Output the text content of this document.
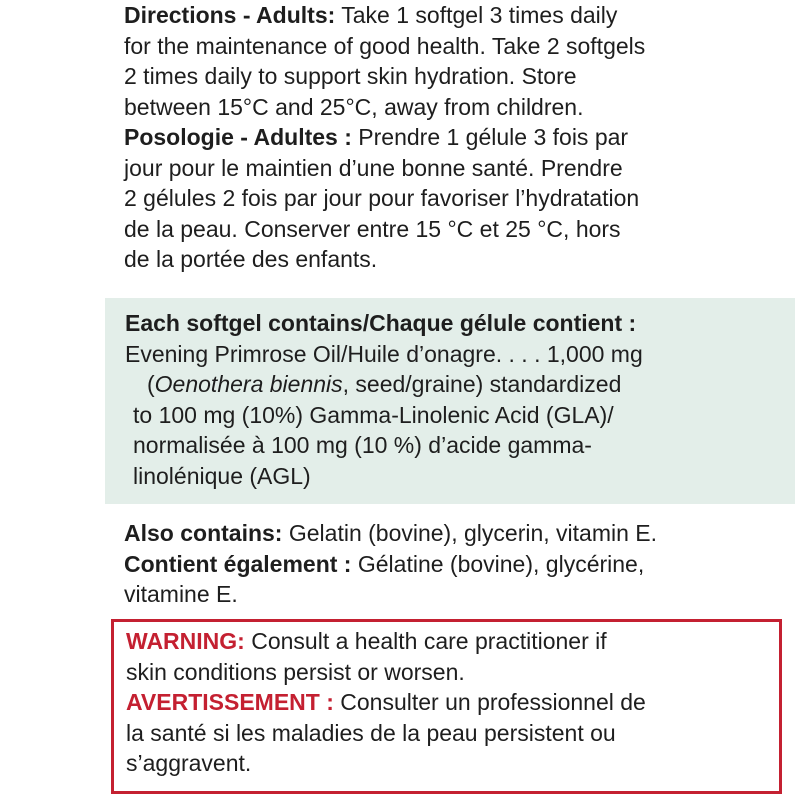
Directions - Adults: Take 1 softgel 3 times daily
for the maintenance of good health. Take 2 softgels
2 times daily to support skin hydration. Store
between 15°C and 25°C, away from children.
Posologie - Adultes : Prendre 1 gélule 3 fois par
jour pour le maintien d’une bonne santé. Prendre
2 gélules 2 fois par jour pour favoriser l’hydratation
de la peau. Conserver entre 15 °C et 25 °C, hors
de la portée des enfants.
Each softgel contains/Chaque gélule contient :
Evening Primrose Oil/Huile d’onagre. . . . 1,000 mg
(Oenothera biennis, seed/graine) standardized
to 100 mg (10%) Gamma-Linolenic Acid (GLA)/
normalisée à 100 mg (10 %) d’acide gamma-
linolénique (AGL)
Also contains: Gelatin (bovine), glycerin, vitamin E.
Contient également : Gélatine (bovine), glycérine,
vitamine E.
WARNING: Consult a health care practitioner if
skin conditions persist or worsen.
AVERTISSEMENT : Consulter un professionnel de
la santé si les maladies de la peau persistent ou
s’aggravent.
